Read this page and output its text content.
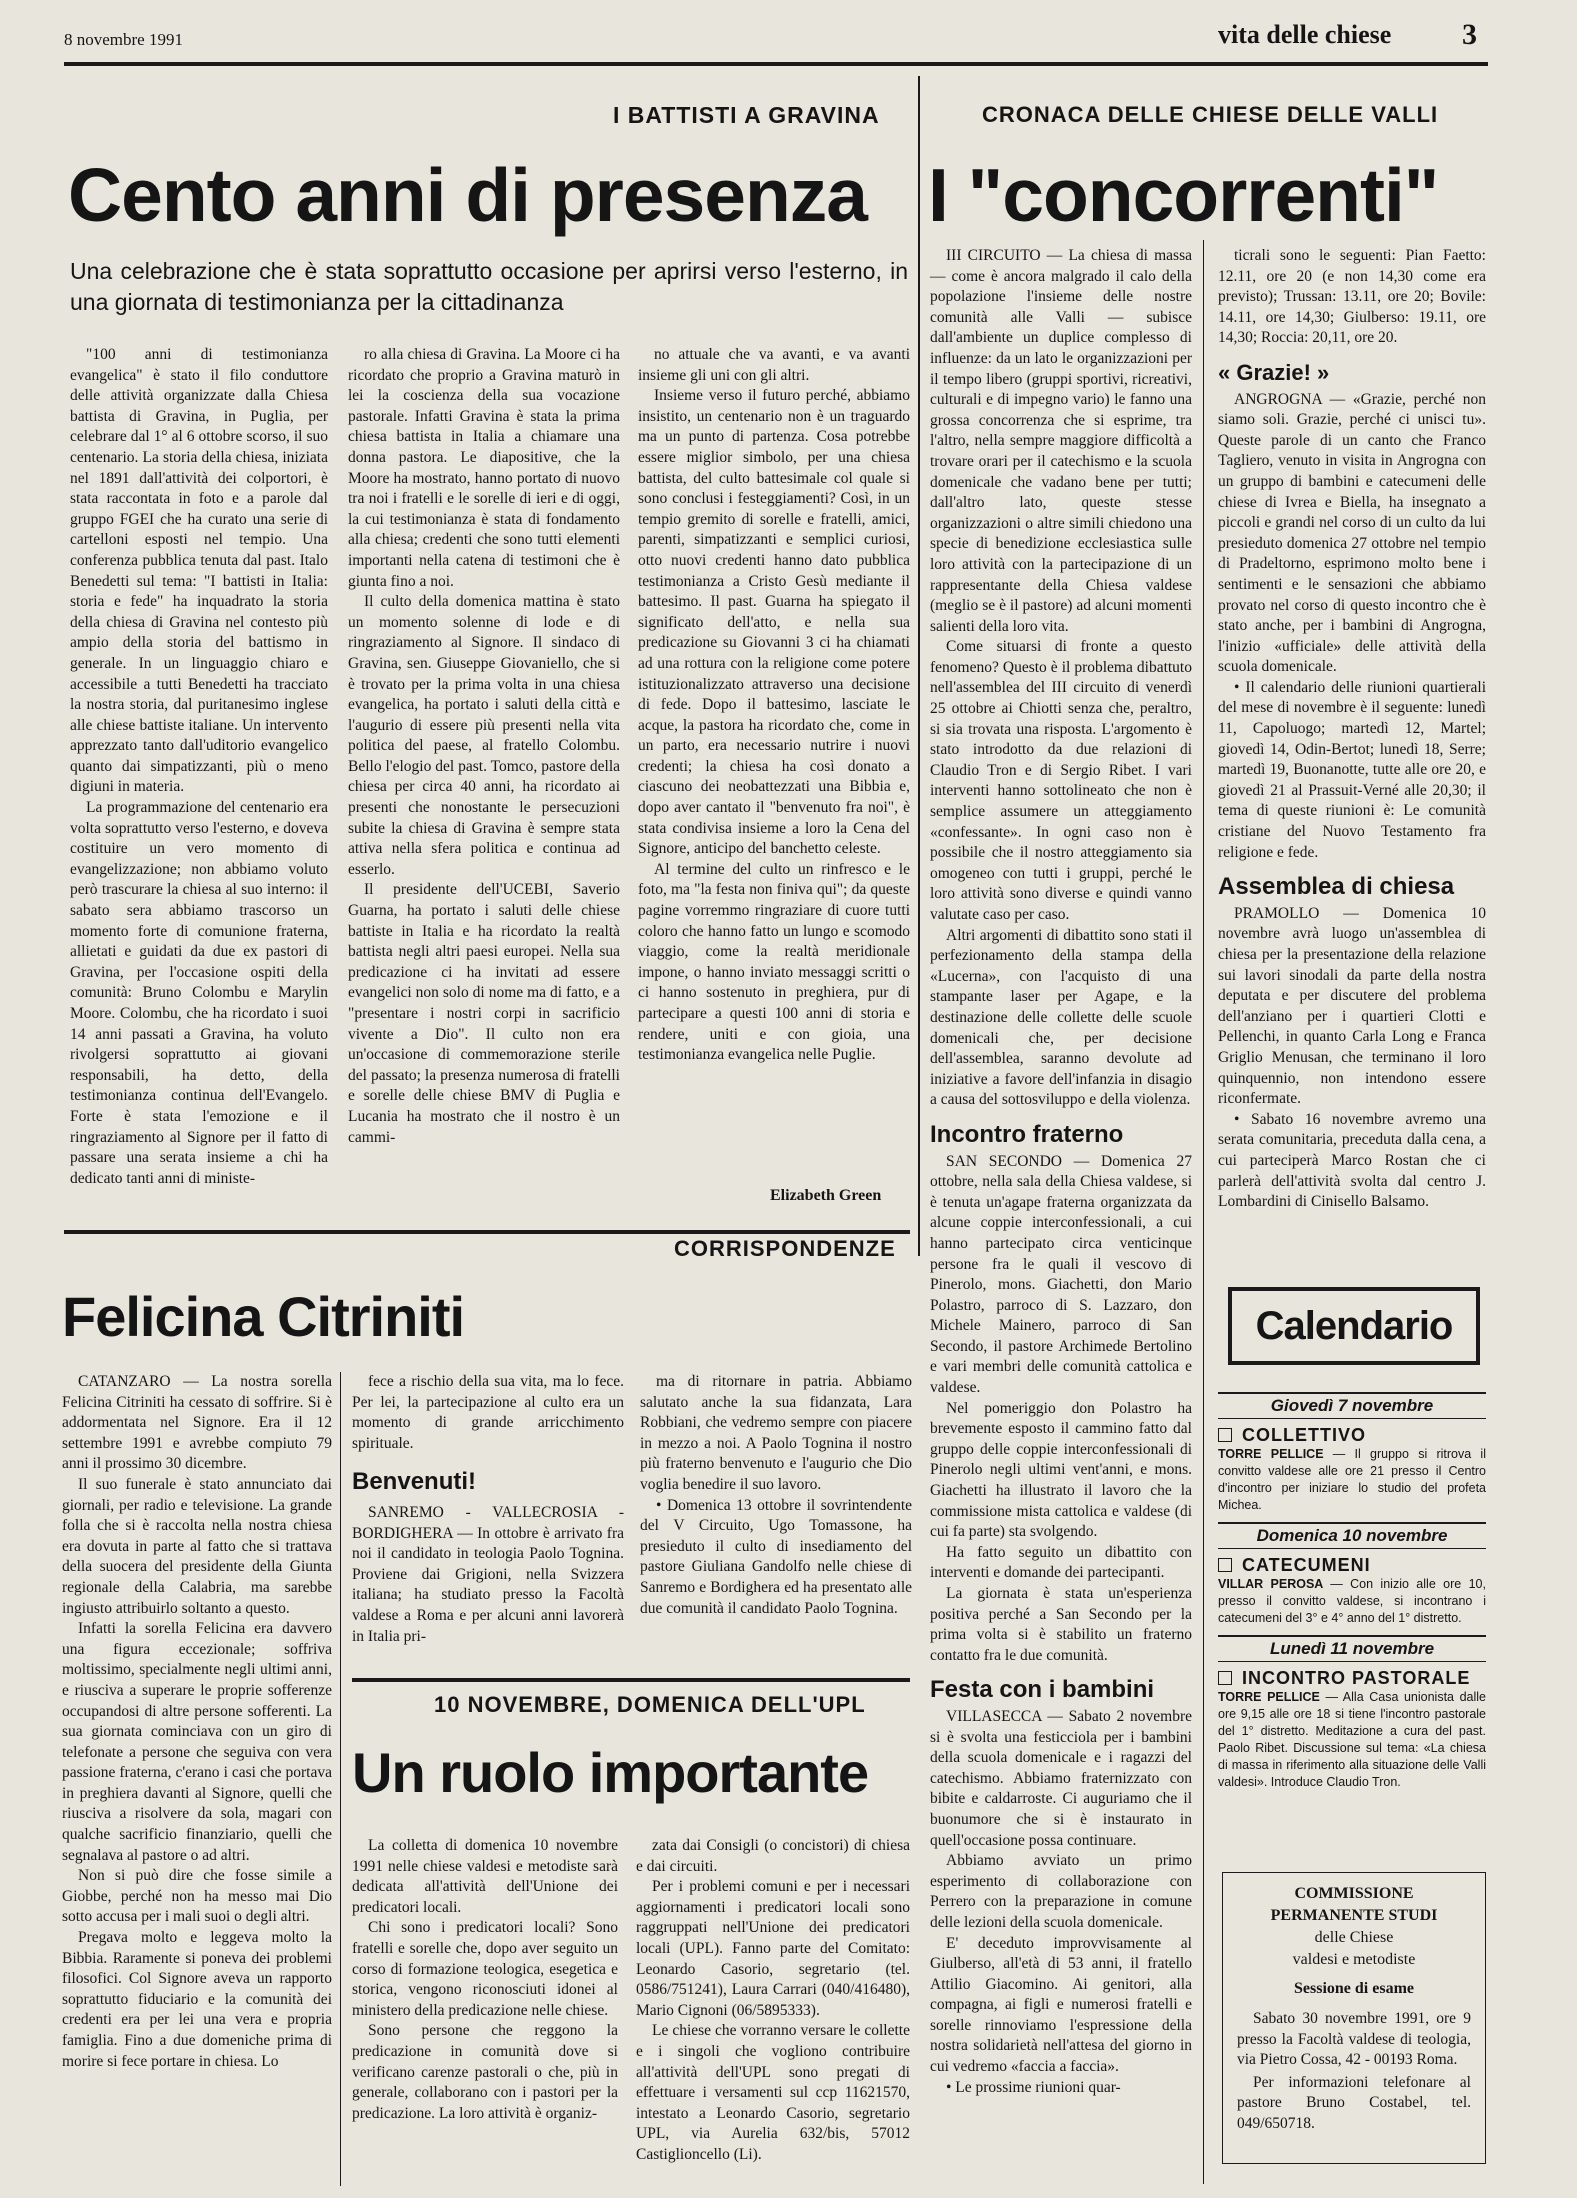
8 novembre 1991	vita delle chiese 3
I BATTISTI A GRAVINA
Cento anni di presenza
Una celebrazione che è stata soprattutto occasione per aprirsi verso l'esterno, in una giornata di testimonianza per la cittadinanza

"100 anni di testimonianza evangelica" è stato il filo conduttore delle attività organizzate dalla Chiesa battista di Gravina, in Puglia, per celebrare dal 1° al 6 ottobre scorso, il suo centenario. La storia della chiesa, iniziata nel 1891 dall'attività dei colportori, è stata raccontata in foto e a parole dal gruppo FGEI che ha curato una serie di cartelloni esposti nel tempio. Una conferenza pubblica tenuta dal past. Italo Benedetti sul tema: "I battisti in Italia: storia e fede" ha inquadrato la storia della chiesa di Gravina nel contesto più ampio della storia del battismo in generale. In un linguaggio chiaro e accessibile a tutti Benedetti ha tracciato la nostra storia, dal puritanesimo inglese alle chiese battiste italiane. Un intervento apprezzato tanto dall'uditorio evangelico quanto dai simpatizzanti, più o meno digiuni in materia.

La programmazione del centenario era volta soprattutto verso l'esterno, e doveva costituire un vero momento di evangelizzazione; non abbiamo voluto però trascurare la chiesa al suo interno: il sabato sera abbiamo trascorso un momento forte di comunione fraterna, allietati e guidati da due ex pastori di Gravina, per l'occasione ospiti della comunità: Bruno Colombu e Marylin Moore. Colombu, che ha ricordato i suoi 14 anni passati a Gravina, ha voluto rivolgersi soprattutto ai giovani responsabili, ha detto, della testimonianza continua dell'Evangelo. Forte è stata l'emozione e il ringraziamento al Signore per il fatto di passare una serata insieme a chi ha dedicato tanti anni di ministe-

ro alla chiesa di Gravina. La Moore ci ha ricordato che proprio a Gravina maturò in lei la coscienza della sua vocazione pastorale. Infatti Gravina è stata la prima chiesa battista in Italia a chiamare una donna pastora. Le diapositive, che la Moore ha mostrato, hanno portato di nuovo tra noi i fratelli e le sorelle di ieri e di oggi, la cui testimonianza è stata di fondamento alla chiesa; credenti che sono tutti elementi importanti nella catena di testimoni che è giunta fino a noi.

Il culto della domenica mattina è stato un momento solenne di lode e di ringraziamento al Signore. Il sindaco di Gravina, sen. Giuseppe Giovaniello, che si è trovato per la prima volta in una chiesa evangelica, ha portato i saluti della città e l'augurio di essere più presenti nella vita politica del paese, al fratello Colombu. Bello l'elogio del past. Tomco, pastore della chiesa per circa 40 anni, ha ricordato ai presenti che nonostante le persecuzioni subite la chiesa di Gravina è sempre stata attiva nella sfera politica e continua ad esserlo.

Il presidente dell'UCEBI, Saverio Guarna, ha portato i saluti delle chiese battiste in Italia e ha ricordato la realtà battista negli altri paesi europei. Nella sua predicazione ci ha invitati ad essere evangelici non solo di nome ma di fatto, e a "presentare i nostri corpi in sacrificio vivente a Dio". Il culto non era un'occasione di commemorazione sterile del passato; la presenza numerosa di fratelli e sorelle delle chiese BMV di Puglia e Lucania ha mostrato che il nostro è un cammi-

no attuale che va avanti, e va avanti insieme gli uni con gli altri.

Insieme verso il futuro perché, abbiamo insistito, un centenario non è un traguardo ma un punto di partenza. Cosa potrebbe essere miglior simbolo, per una chiesa battista, del culto battesimale col quale si sono conclusi i festeggiamenti? Così, in un tempio gremito di sorelle e fratelli, amici, parenti, simpatizzanti e semplici curiosi, otto nuovi credenti hanno dato pubblica testimonianza a Cristo Gesù mediante il battesimo. Il past. Guarna ha spiegato il significato dell'atto, e nella sua predicazione su Giovanni 3 ci ha chiamati ad una rottura con la religione come potere istituzionalizzato attraverso una decisione di fede. Dopo il battesimo, lasciate le acque, la pastora ha ricordato che, come in un parto, era necessario nutrire i nuovi credenti; la chiesa ha così donato a ciascuno dei neobattezzati una Bibbia e, dopo aver cantato il "benvenuto fra noi", è stata condivisa insieme a loro la Cena del Signore, anticipo del banchetto celeste.

Al termine del culto un rinfresco e le foto, ma "la festa non finiva qui"; da queste pagine vorremmo ringraziare di cuore tutti coloro che hanno fatto un lungo e scomodo viaggio, come la realtà meridionale impone, o hanno inviato messaggi scritti o ci hanno sostenuto in preghiera, pur di partecipare a questi 100 anni di storia e rendere, uniti e con gioia, una testimonianza evangelica nelle Puglie.

Elizabeth Green
CRONACA DELLE CHIESE DELLE VALLI
I "concorrenti"

III CIRCUITO — La chiesa di massa — come è ancora malgrado il calo della popolazione l'insieme delle nostre comunità alle Valli — subisce dall'ambiente un duplice complesso di influenze: da un lato le organizzazioni per il tempo libero (gruppi sportivi, ricreativi, culturali e di impegno vario) le fanno una grossa concorrenza che si esprime, tra l'altro, nella sempre maggiore difficoltà a trovare orari per il catechismo e la scuola domenicale che vadano bene per tutti; dall'altro lato, queste stesse organizzazioni o altre simili chiedono una specie di benedizione ecclesiastica sulle loro attività con la partecipazione di un rappresentante della Chiesa valdese (meglio se è il pastore) ad alcuni momenti salienti della loro vita.

Come situarsi di fronte a questo fenomeno? Questo è il problema dibattuto nell'assemblea del III circuito di venerdì 25 ottobre ai Chiotti senza che, peraltro, si sia trovata una risposta. L'argomento è stato introdotto da due relazioni di Claudio Tron e di Sergio Ribet. I vari interventi hanno sottolineato che non è semplice assumere un atteggiamento «confessante». In ogni caso non è possibile che il nostro atteggiamento sia omogeneo con tutti i gruppi, perché le loro attività sono diverse e quindi vanno valutate caso per caso.

Altri argomenti di dibattito sono stati il perfezionamento della stampa della «Lucerna», con l'acquisto di una stampante laser per Agape, e la destinazione delle collette delle scuole domenicali che, per decisione dell'assemblea, saranno devolute ad iniziative a favore dell'infanzia in disagio a causa del sottosviluppo e della violenza.

Incontro fraterno

SAN SECONDO — Domenica 27 ottobre, nella sala della Chiesa valdese, si è tenuta un'agape fraterna organizzata da alcune coppie interconfessionali, a cui hanno partecipato circa venticinque persone fra le quali il vescovo di Pinerolo, mons. Giachetti, don Mario Polastro, parroco di S. Lazzaro, don Michele Mainero, parroco di San Secondo, il pastore Archimede Bertolino e vari membri delle comunità cattolica e valdese.

Nel pomeriggio don Polastro ha brevemente esposto il cammino fatto dal gruppo delle coppie interconfessionali di Pinerolo negli ultimi vent'anni, e mons. Giachetti ha illustrato il lavoro che la commissione mista cattolica e valdese (di cui fa parte) sta svolgendo.

Ha fatto seguito un dibattito con interventi e domande dei partecipanti.

La giornata è stata un'esperienza positiva perché a San Secondo per la prima volta si è stabilito un fraterno contatto fra le due comunità.

Festa con i bambini

VILLASECCA — Sabato 2 novembre si è svolta una festicciola per i bambini della scuola domenicale e i ragazzi del catechismo. Abbiamo fraternizzato con bibite e caldarroste. Ci auguriamo che il buonumore che si è instaurato in quell'occasione possa continuare.

Abbiamo avviato un primo esperimento di collaborazione con Perrero con la preparazione in comune delle lezioni della scuola domenicale.

E' deceduto improvvisamente al Giulberso, all'età di 53 anni, il fratello Attilio Giacomino. Ai genitori, alla compagna, ai figli e numerosi fratelli e sorelle rinnoviamo l'espressione della nostra solidarietà nell'attesa del giorno in cui vedremo «faccia a faccia».

• Le prossime riunioni quar-

ticrali sono le seguenti: Pian Faetto: 12.11, ore 20 (e non 14,30 come era previsto); Trussan: 13.11, ore 20; Bovile: 14.11, ore 14,30; Giulberso: 19.11, ore 14,30; Roccia: 20,11, ore 20.

« Grazie! »

ANGROGNA — «Grazie, perché non siamo soli. Grazie, perché ci unisci tu». Queste parole di un canto che Franco Tagliero, venuto in visita in Angrogna con un gruppo di bambini e catecumeni delle chiese di Ivrea e Biella, ha insegnato a piccoli e grandi nel corso di un culto da lui presieduto domenica 27 ottobre nel tempio di Pradeltorno, esprimono molto bene i sentimenti e le sensazioni che abbiamo provato nel corso di questo incontro che è stato anche, per i bambini di Angrogna, l'inizio «ufficiale» delle attività della scuola domenicale.

• Il calendario delle riunioni quartierali del mese di novembre è il seguente: lunedì 11, Capoluogo; martedì 12, Martel; giovedì 14, Odin-Bertot; lunedì 18, Serre; martedì 19, Buonanotte, tutte alle ore 20, e giovedì 21 al Prassuit-Verné alle 20,30; il tema di queste riunioni è: Le comunità cristiane del Nuovo Testamento fra religione e fede.

Assemblea di chiesa

PRAMOLLO — Domenica 10 novembre avrà luogo un'assemblea di chiesa per la presentazione della relazione sui lavori sinodali da parte della nostra deputata e per discutere del problema dell'anziano per i quartieri Clotti e Pellenchi, in quanto Carla Long e Franca Griglio Menusan, che terminano il loro quinquennio, non intendono essere riconfermate.

• Sabato 16 novembre avremo una serata comunitaria, preceduta dalla cena, a cui parteciperà Marco Rostan che ci parlerà dell'attività svolta dal centro J. Lombardini di Cinisello Balsamo.

CORRISPONDENZE
Felicina Citriniti

CATANZARO — La nostra sorella Felicina Citriniti ha cessato di soffrire. Si è addormentata nel Signore. Era il 12 settembre 1991 e avrebbe compiuto 79 anni il prossimo 30 dicembre.

Il suo funerale è stato annunciato dai giornali, per radio e televisione. La grande folla che si è raccolta nella nostra chiesa era dovuta in parte al fatto che si trattava della suocera del presidente della Giunta regionale della Calabria, ma sarebbe ingiusto attribuirlo soltanto a questo.

Infatti la sorella Felicina era davvero una figura eccezionale; soffriva moltissimo, specialmente negli ultimi anni, e riusciva a superare le proprie sofferenze occupandosi di altre persone sofferenti. La sua giornata cominciava con un giro di telefonate a persone che seguiva con vera passione fraterna, c'erano i casi che portava in preghiera davanti al Signore, quelli che riusciva a risolvere da sola, magari con qualche sacrificio finanziario, quelli che segnalava al pastore o ad altri.

Non si può dire che fosse simile a Giobbe, perché non ha messo mai Dio sotto accusa per i mali suoi o degli altri.

Pregava molto e leggeva molto la Bibbia. Raramente si poneva dei problemi filosofici. Col Signore aveva un rapporto soprattutto fiduciario e la comunità dei credenti era per lei una vera e propria famiglia. Fino a due domeniche prima di morire si fece portare in chiesa. Lo

fece a rischio della sua vita, ma lo fece. Per lei, la partecipazione al culto era un momento di grande arricchimento spirituale.

Benvenuti!

SANREMO - VALLECROSIA - BORDIGHERA — In ottobre è arrivato fra noi il candidato in teologia Paolo Tognina. Proviene dai Grigioni, nella Svizzera italiana; ha studiato presso la Facoltà valdese a Roma e per alcuni anni lavorerà in Italia pri-

ma di ritornare in patria. Abbiamo salutato anche la sua fidanzata, Lara Robbiani, che vedremo sempre con piacere in mezzo a noi. A Paolo Tognina il nostro più fraterno benvenuto e l'augurio che Dio voglia benedire il suo lavoro.

• Domenica 13 ottobre il sovrintendente del V Circuito, Ugo Tomassone, ha presieduto il culto di insediamento del pastore Giuliana Gandolfo nelle chiese di Sanremo e Bordighera ed ha presentato alle due comunità il candidato Paolo Tognina.

10 NOVEMBRE, DOMENICA DELL'UPL
Un ruolo importante

La colletta di domenica 10 novembre 1991 nelle chiese valdesi e metodiste sarà dedicata all'attività dell'Unione dei predicatori locali.

Chi sono i predicatori locali? Sono fratelli e sorelle che, dopo aver seguito un corso di formazione teologica, esegetica e storica, vengono riconosciuti idonei al ministero della predicazione nelle chiese.

Sono persone che reggono la predicazione in comunità dove si verificano carenze pastorali o che, più in generale, collaborano con i pastori per la predicazione. La loro attività è organiz-

zata dai Consigli (o concistori) di chiesa e dai circuiti.

Per i problemi comuni e per i necessari aggiornamenti i predicatori locali sono raggruppati nell'Unione dei predicatori locali (UPL). Fanno parte del Comitato: Leonardo Casorio, segretario (tel. 0586/751241), Laura Carrari (040/416480), Mario Cignoni (06/5895333).

Le chiese che vorranno versare le collette e i singoli che vogliono contribuire all'attività dell'UPL sono pregati di effettuare i versamenti sul ccp 11621570, intestato a Leonardo Casorio, segretario UPL, via Aurelia 632/bis, 57012 Castiglioncello (Li).

Calendario
Giovedì 7 novembre
COLLETTIVO
TORRE PELLICE — Il gruppo si ritrova il convitto valdese alle ore 21 presso il Centro d'incontro per iniziare lo studio del profeta Michea.
Domenica 10 novembre
CATECUMENI
VILLAR PEROSA — Con inizio alle ore 10, presso il convitto valdese, si incontrano i catecumeni del 3° e 4° anno del 1° distretto.
Lunedì 11 novembre
INCONTRO PASTORALE
TORRE PELLICE — Alla Casa unionista dalle ore 9,15 alle ore 18 si tiene l'incontro pastorale del 1° distretto. Meditazione a cura del past. Paolo Ribet. Discussione sul tema: «La chiesa di massa in riferimento alla situazione delle Valli valdesi». Introduce Claudio Tron.
COMMISSIONE
PERMANENTE STUDI
delle Chiese
valdesi e metodiste
Sessione di esame
Sabato 30 novembre 1991, ore 9 presso la Facoltà valdese di teologia, via Pietro Cossa, 42 - 00193 Roma.
Per informazioni telefonare al pastore Bruno Costabel, tel. 049/650718.
